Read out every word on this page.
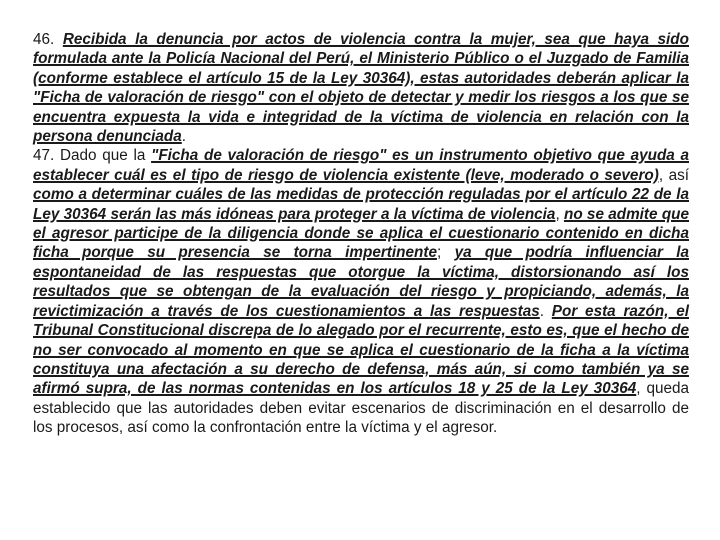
46. Recibida la denuncia por actos de violencia contra la mujer, sea que haya sido formulada ante la Policía Nacional del Perú, el Ministerio Público o el Juzgado de Familia (conforme establece el artículo 15 de la Ley 30364), estas autoridades deberán aplicar la "Ficha de valoración de riesgo" con el objeto de detectar y medir los riesgos a los que se encuentra expuesta la vida e integridad de la víctima de violencia en relación con la persona denunciada.

47. Dado que la "Ficha de valoración de riesgo" es un instrumento objetivo que ayuda a establecer cuál es el tipo de riesgo de violencia existente (leve, moderado o severo), así como a determinar cuáles de las medidas de protección reguladas por el artículo 22 de la Ley 30364 serán las más idóneas para proteger a la víctima de violencia, no se admite que el agresor participe de la diligencia donde se aplica el cuestionario contenido en dicha ficha porque su presencia se torna impertinente; ya que podría influenciar la espontaneidad de las respuestas que otorgue la víctima, distorsionando así los resultados que se obtengan de la evaluación del riesgo y propiciando, además, la revictimización a través de los cuestionamientos a las respuestas. Por esta razón, el Tribunal Constitucional discrepa de lo alegado por el recurrente, esto es, que el hecho de no ser convocado al momento en que se aplica el cuestionario de la ficha a la víctima constituya una afectación a su derecho de defensa, más aún, si como también ya se afirmó supra, de las normas contenidas en los artículos 18 y 25 de la Ley 30364, queda establecido que las autoridades deben evitar escenarios de discriminación en el desarrollo de los procesos, así como la confrontación entre la víctima y el agresor.
